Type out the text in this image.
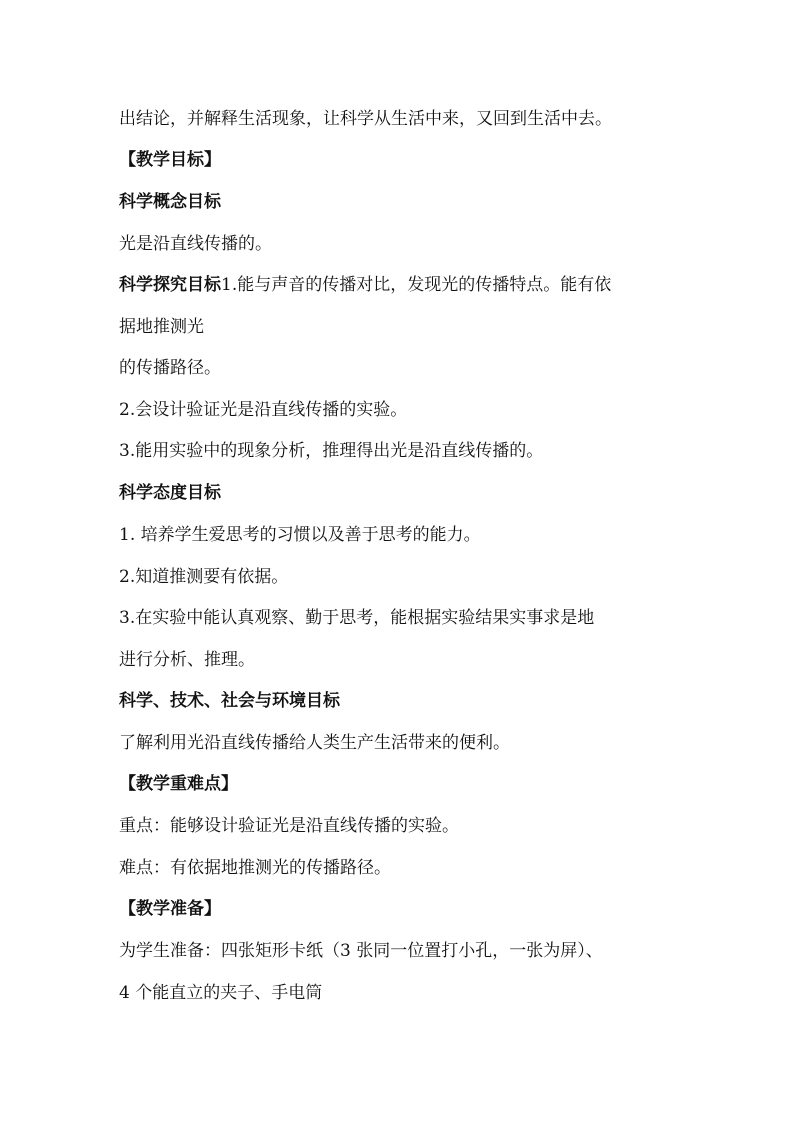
出结论，并解释生活现象，让科学从生活中来，又回到生活中去。
【教学目标】
科学概念目标
光是沿直线传播的。
科学探究目标1.能与声音的传播对比，发现光的传播特点。能有依
据地推测光
的传播路径。
2.会设计验证光是沿直线传播的实验。
3.能用实验中的现象分析，推理得出光是沿直线传播的。
科学态度目标
1. 培养学生爱思考的习惯以及善于思考的能力。
2.知道推测要有依据。
3.在实验中能认真观察、勤于思考，能根据实验结果实事求是地
进行分析、推理。
科学、技术、社会与环境目标
了解利用光沿直线传播给人类生产生活带来的便利。
【教学重难点】
重点：能够设计验证光是沿直线传播的实验。
难点：有依据地推测光的传播路径。
【教学准备】
为学生准备：四张矩形卡纸（3 张同一位置打小孔，一张为屏）、
4 个能直立的夹子、手电筒
